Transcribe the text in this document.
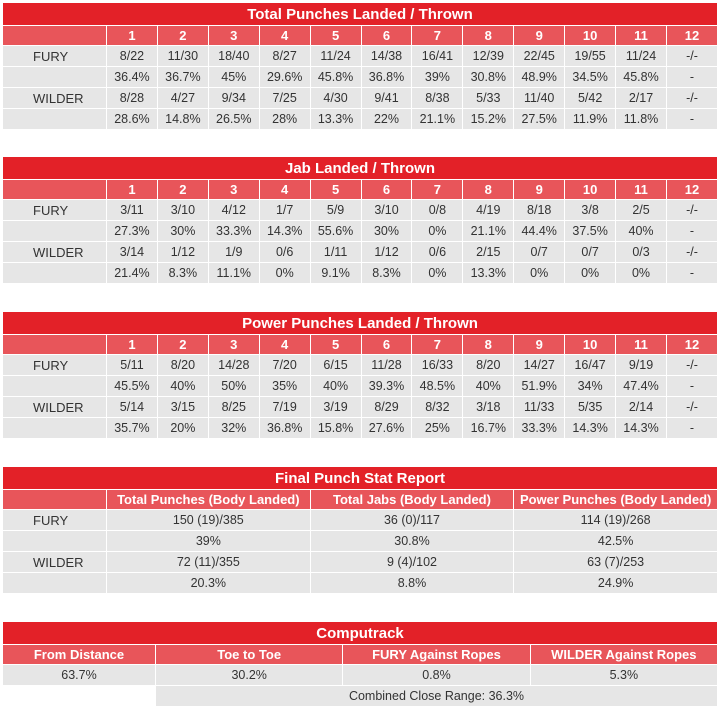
Total Punches Landed / Thrown												
	1	2	3	4	5	6	7	8	9	10	11	12
FURY	8/22	11/30	18/40	8/27	11/24	14/38	16/41	12/39	22/45	19/55	11/24	-/-
	36.4%	36.7%	45%	29.6%	45.8%	36.8%	39%	30.8%	48.9%	34.5%	45.8%	-
WILDER	8/28	4/27	9/34	7/25	4/30	9/41	8/38	5/33	11/40	5/42	2/17	-/-
	28.6%	14.8%	26.5%	28%	13.3%	22%	21.1%	15.2%	27.5%	11.9%	11.8%	-
Jab Landed / Thrown												
	1	2	3	4	5	6	7	8	9	10	11	12
FURY	3/11	3/10	4/12	1/7	5/9	3/10	0/8	4/19	8/18	3/8	2/5	-/-
	27.3%	30%	33.3%	14.3%	55.6%	30%	0%	21.1%	44.4%	37.5%	40%	-
WILDER	3/14	1/12	1/9	0/6	1/11	1/12	0/6	2/15	0/7	0/7	0/3	-/-
	21.4%	8.3%	11.1%	0%	9.1%	8.3%	0%	13.3%	0%	0%	0%	-
Power Punches Landed / Thrown												
	1	2	3	4	5	6	7	8	9	10	11	12
FURY	5/11	8/20	14/28	7/20	6/15	11/28	16/33	8/20	14/27	16/47	9/19	-/-
	45.5%	40%	50%	35%	40%	39.3%	48.5%	40%	51.9%	34%	47.4%	-
WILDER	5/14	3/15	8/25	7/19	3/19	8/29	8/32	3/18	11/33	5/35	2/14	-/-
	35.7%	20%	32%	36.8%	15.8%	27.6%	25%	16.7%	33.3%	14.3%	14.3%	-
Final Punch Stat Report			
	Total Punches (Body Landed)	Total Jabs (Body Landed)	Power Punches (Body Landed)
FURY	150 (19)/385	36 (0)/117	114 (19)/268
	39%	30.8%	42.5%
WILDER	72 (11)/355	9 (4)/102	63 (7)/253
	20.3%	8.8%	24.9%
Computrack			
From Distance	Toe to Toe	FURY Against Ropes	WILDER Against Ropes
63.7%	30.2%	0.8%	5.3%
	Combined Close Range: 36.3%		
